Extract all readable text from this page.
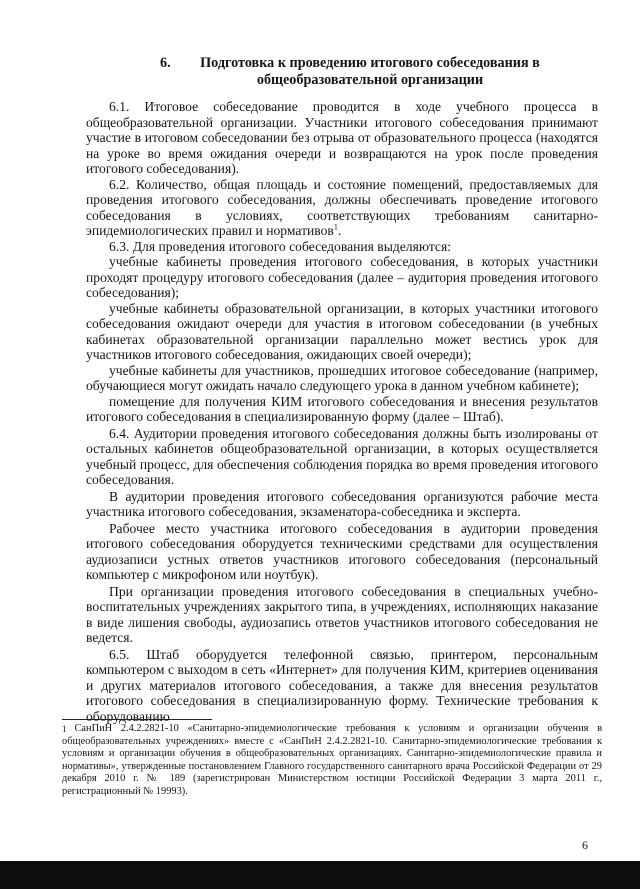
6.	Подготовка к проведению итогового собеседования в общеобразовательной организации

6.1. Итоговое собеседование проводится в ходе учебного процесса в общеобразовательной организации. Участники итогового собеседования принимают участие в итоговом собеседовании без отрыва от образовательного процесса (находятся на уроке во время ожидания очереди и возвращаются на урок после проведения итогового собеседования).

6.2. Количество, общая площадь и состояние помещений, предоставляемых для проведения итогового собеседования, должны обеспечивать проведение итогового собеседования в условиях, соответствующих требованиям санитарно-эпидемиологических правил и нормативов$^1$.

6.3. Для проведения итогового собеседования выделяются:

учебные кабинеты проведения итогового собеседования, в которых участники проходят процедуру итогового собеседования (далее – аудитория проведения итогового собеседования);

учебные кабинеты образовательной организации, в которых участники итогового собеседования ожидают очереди для участия в итоговом собеседовании (в учебных кабинетах образовательной организации параллельно может вестись урок для участников итогового собеседования, ожидающих своей очереди);

учебные кабинеты для участников, прошедших итоговое собеседование (например, обучающиеся могут ожидать начало следующего урока в данном учебном кабинете);

помещение для получения КИМ итогового собеседования и внесения результатов итогового собеседования в специализированную форму (далее – Штаб).

6.4. Аудитории проведения итогового собеседования должны быть изолированы от остальных кабинетов общеобразовательной организации, в которых осуществляется учебный процесс, для обеспечения соблюдения порядка во время проведения итогового собеседования.

В аудитории проведения итогового собеседования организуются рабочие места участника итогового собеседования, экзаменатора-собеседника и эксперта.

Рабочее место участника итогового собеседования в аудитории проведения итогового собеседования оборудуется техническими средствами для осуществления аудиозаписи устных ответов участников итогового собеседования (персональный компьютер с микрофоном или ноутбук).

При организации проведения итогового собеседования в специальных учебно-воспитательных учреждениях закрытого типа, в учреждениях, исполняющих наказание в виде лишения свободы, аудиозапись ответов участников итогового собеседования не ведется.

6.5. Штаб оборудуется телефонной связью, принтером, персональным компьютером с выходом в сеть «Интернет» для получения КИМ, критериев оценивания и других материалов итогового собеседования, а также для внесения результатов итогового собеседования в специализированную форму. Технические требования к оборудованию

1 СанПиН 2.4.2.2821-10 «Санитарно-эпидемиологические требования к условиям и организации обучения в общеобразовательных учреждениях» вместе с «СанПиН 2.4.2.2821-10. Санитарно-эпидемиологические требования к условиям и организации обучения в общеобразовательных организациях. Санитарно-эпидемиологические правила и нормативы», утвержденные постановлением Главного государственного санитарного врача Российской Федерации от 29 декабря 2010 г. № 189 (зарегистрирован Министерством юстиции Российской Федерации 3 марта 2011 г., регистрационный № 19993).
6
